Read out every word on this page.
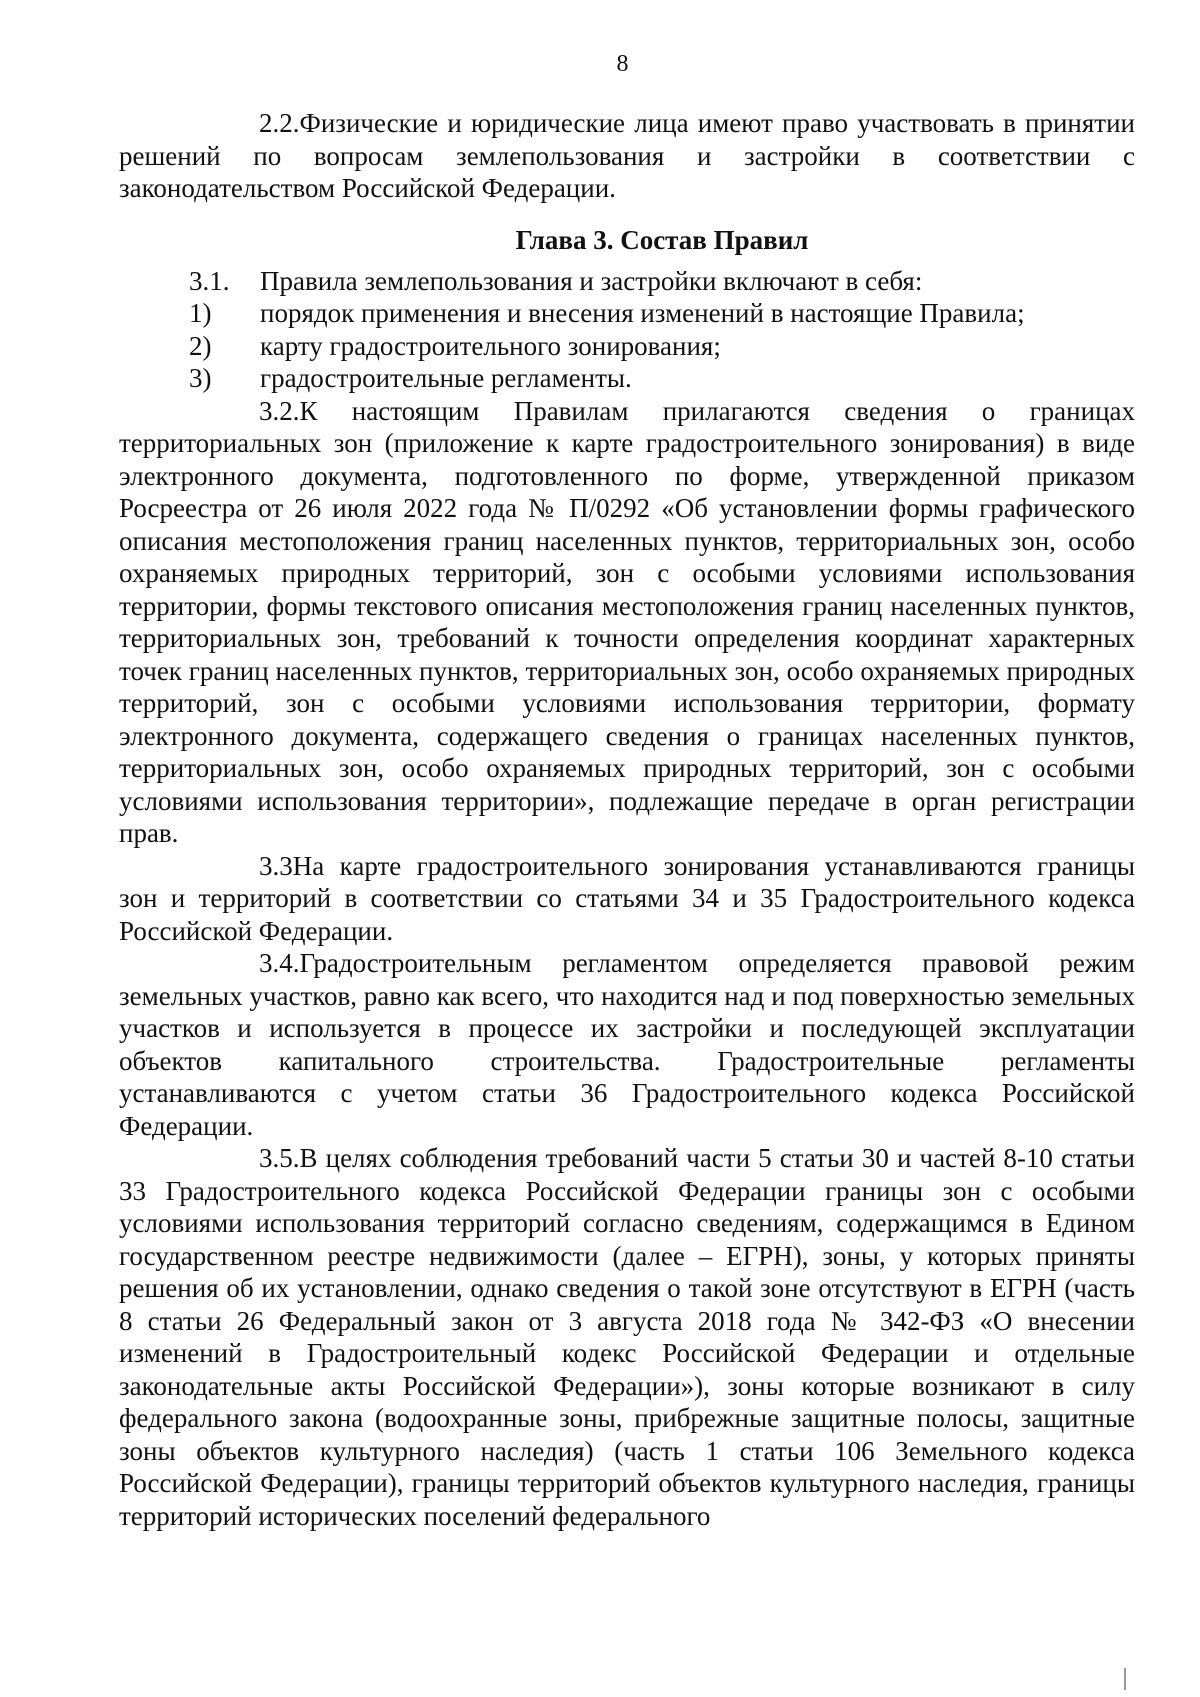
8

2.2.Физические и юридические лица имеют право участвовать в принятии решений по вопросам землепользования и застройки в соответствии с законодательством Российской Федерации.

Глава 3. Состав Правил

3.1. Правила землепользования и застройки включают в себя:

1) порядок применения и внесения изменений в настоящие Правила;

2) карту градостроительного зонирования;

3) градостроительные регламенты.

3.2.К настоящим Правилам прилагаются сведения о границах территориальных зон (приложение к карте градостроительного зонирования) в виде электронного документа, подготовленного по форме, утвержденной приказом Росреестра от 26 июля 2022 года № П/0292 «Об установлении формы графического описания местоположения границ населенных пунктов, территориальных зон, особо охраняемых природных территорий, зон с особыми условиями использования территории, формы текстового описания местоположения границ населенных пунктов, территориальных зон, требований к точности определения координат характерных точек границ населенных пунктов, территориальных зон, особо охраняемых природных территорий, зон с особыми условиями использования территории, формату электронного документа, содержащего сведения о границах населенных пунктов, территориальных зон, особо охраняемых природных территорий, зон с особыми условиями использования территории», подлежащие передаче в орган регистрации прав.

3.3На карте градостроительного зонирования устанавливаются границы зон и территорий в соответствии со статьями 34 и 35 Градостроительного кодекса Российской Федерации.

3.4.Градостроительным регламентом определяется правовой режим земельных участков, равно как всего, что находится над и под поверхностью земельных участков и используется в процессе их застройки и последующей эксплуатации объектов капитального строительства. Градостроительные регламенты устанавливаются с учетом статьи 36 Градостроительного кодекса Российской Федерации.

3.5.В целях соблюдения требований части 5 статьи 30 и частей 8-10 статьи 33 Градостроительного кодекса Российской Федерации границы зон с особыми условиями использования территорий согласно сведениям, содержащимся в Едином государственном реестре недвижимости (далее – ЕГРН), зоны, у которых приняты решения об их установлении, однако сведения о такой зоне отсутствуют в ЕГРН (часть 8 статьи 26 Федеральный закон от 3 августа 2018 года № 342-ФЗ «О внесении изменений в Градостроительный кодекс Российской Федерации и отдельные законодательные акты Российской Федерации»), зоны которые возникают в силу федерального закона (водоохранные зоны, прибрежные защитные полосы, защитные зоны объектов культурного наследия) (часть 1 статьи 106 Земельного кодекса Российской Федерации), границы территорий объектов культурного наследия, границы территорий исторических поселений федерального
